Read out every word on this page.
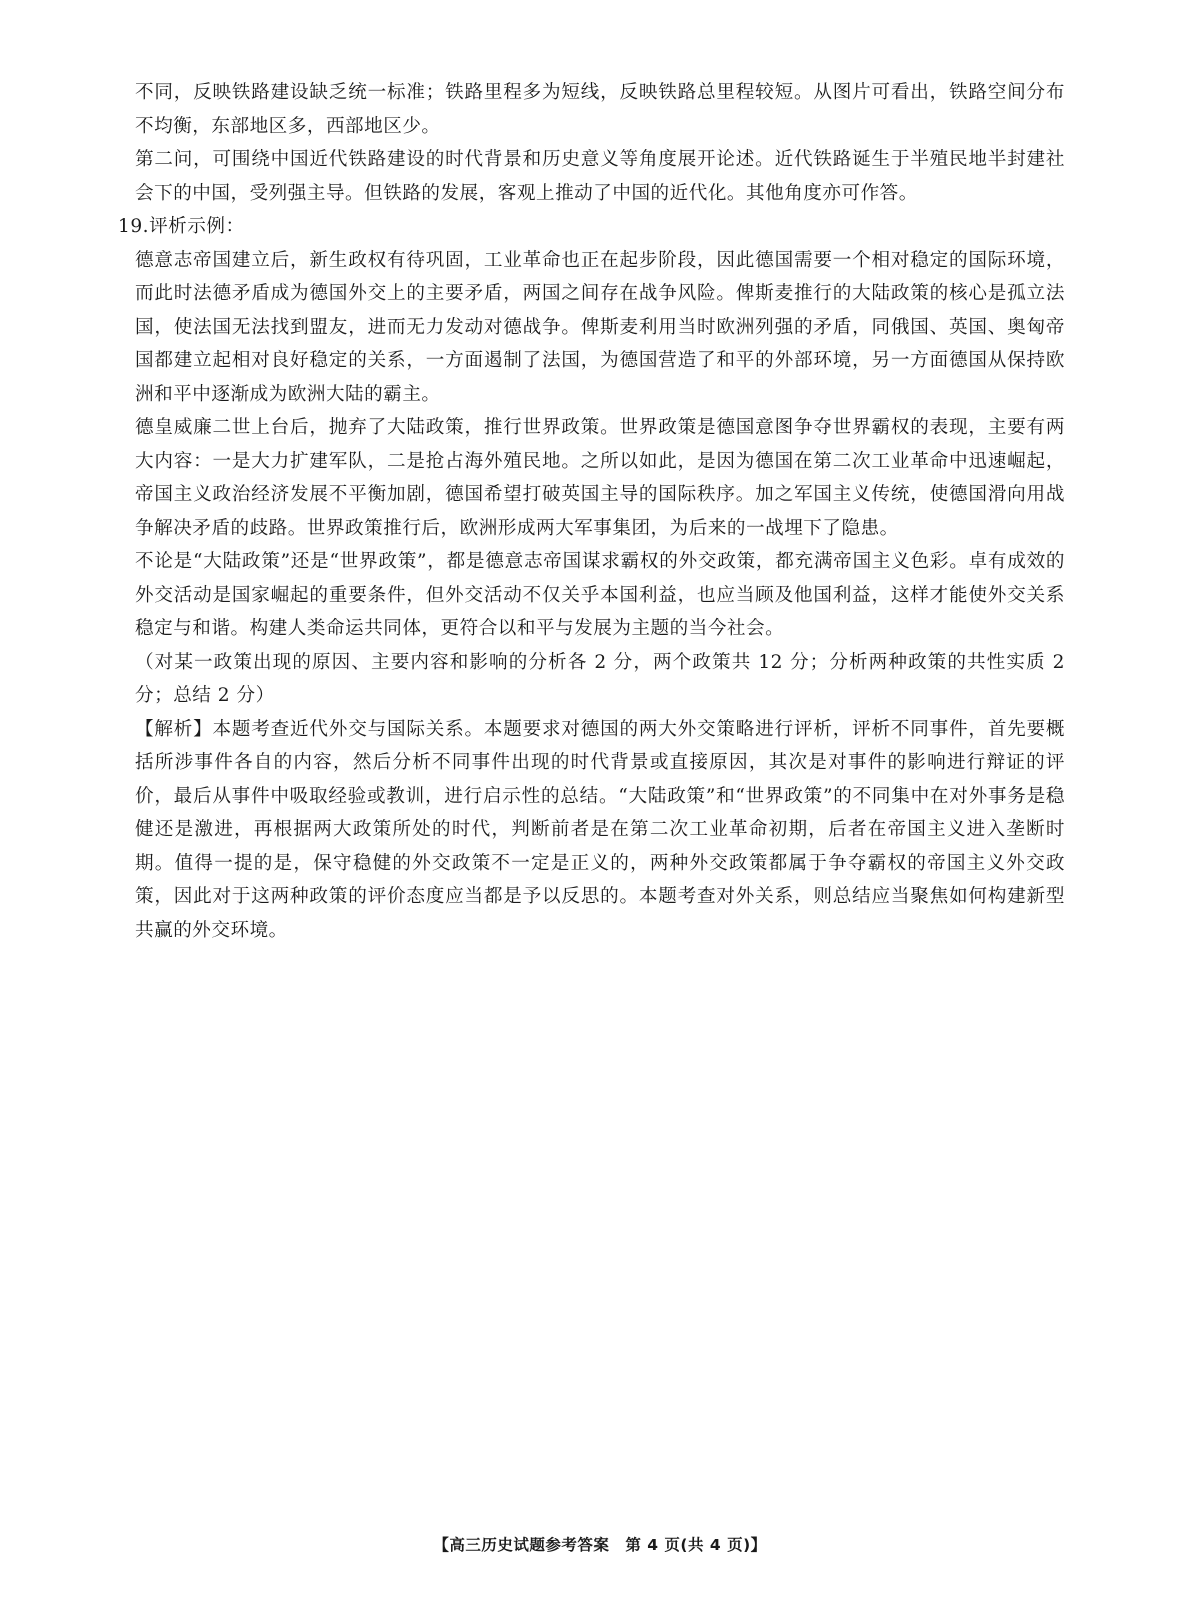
不同，反映铁路建设缺乏统一标准；铁路里程多为短线，反映铁路总里程较短。从图片可看出，铁路空间分布不均衡，东部地区多，西部地区少。

第二问，可围绕中国近代铁路建设的时代背景和历史意义等角度展开论述。近代铁路诞生于半殖民地半封建社会下的中国，受列强主导。但铁路的发展，客观上推动了中国的近代化。其他角度亦可作答。

19.评析示例：

德意志帝国建立后，新生政权有待巩固，工业革命也正在起步阶段，因此德国需要一个相对稳定的国际环境，而此时法德矛盾成为德国外交上的主要矛盾，两国之间存在战争风险。俾斯麦推行的大陆政策的核心是孤立法国，使法国无法找到盟友，进而无力发动对德战争。俾斯麦利用当时欧洲列强的矛盾，同俄国、英国、奥匈帝国都建立起相对良好稳定的关系，一方面遏制了法国，为德国营造了和平的外部环境，另一方面德国从保持欧洲和平中逐渐成为欧洲大陆的霸主。

德皇威廉二世上台后，抛弃了大陆政策，推行世界政策。世界政策是德国意图争夺世界霸权的表现，主要有两大内容：一是大力扩建军队，二是抢占海外殖民地。之所以如此，是因为德国在第二次工业革命中迅速崛起，帝国主义政治经济发展不平衡加剧，德国希望打破英国主导的国际秩序。加之军国主义传统，使德国滑向用战争解决矛盾的歧路。世界政策推行后，欧洲形成两大军事集团，为后来的一战埋下了隐患。

不论是“大陆政策”还是“世界政策”，都是德意志帝国谋求霸权的外交政策，都充满帝国主义色彩。卓有成效的外交活动是国家崛起的重要条件，但外交活动不仅关乎本国利益，也应当顾及他国利益，这样才能使外交关系稳定与和谐。构建人类命运共同体，更符合以和平与发展为主题的当今社会。

（对某一政策出现的原因、主要内容和影响的分析各 2 分，两个政策共 12 分；分析两种政策的共性实质 2 分；总结 2 分）

【解析】本题考查近代外交与国际关系。本题要求对德国的两大外交策略进行评析，评析不同事件，首先要概括所涉事件各自的内容，然后分析不同事件出现的时代背景或直接原因，其次是对事件的影响进行辩证的评价，最后从事件中吸取经验或教训，进行启示性的总结。“大陆政策”和“世界政策”的不同集中在对外事务是稳健还是激进，再根据两大政策所处的时代，判断前者是在第二次工业革命初期，后者在帝国主义进入垄断时期。值得一提的是，保守稳健的外交政策不一定是正义的，两种外交政策都属于争夺霸权的帝国主义外交政策，因此对于这两种政策的评价态度应当都是予以反思的。本题考查对外关系，则总结应当聚焦如何构建新型共赢的外交环境。

【高三历史试题参考答案　第 4 页(共 4 页)】
